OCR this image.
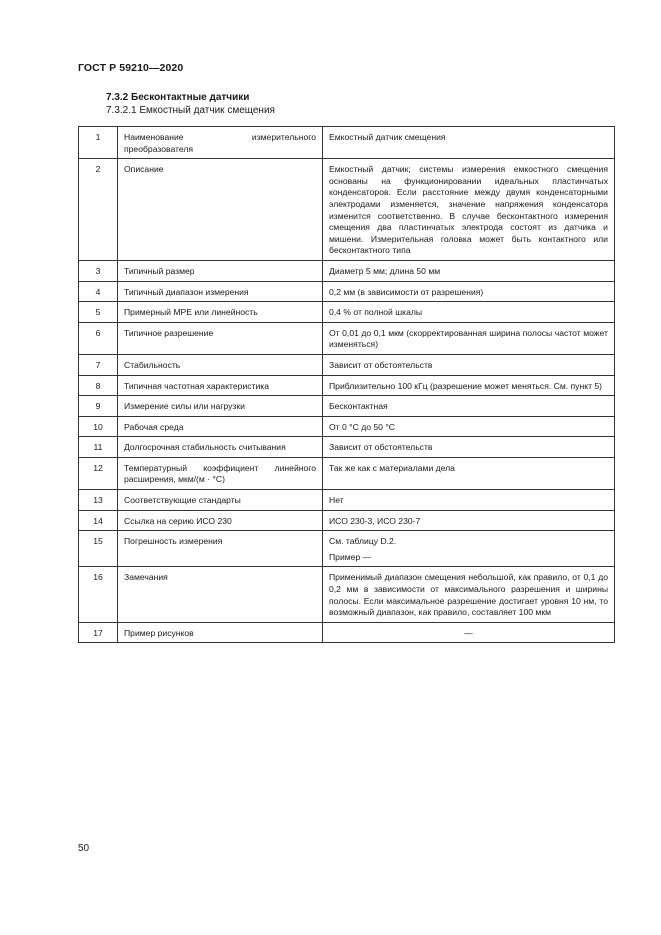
ГОСТ Р 59210—2020
7.3.2 Бесконтактные датчики
7.3.2.1 Емкостный датчик смещения
1	Наименование измерительного преобразователя	Емкостный датчик смещения
2	Описание	Емкостный датчик; системы измерения емкостного смещения основаны на функционировании идеальных пластинчатых конденсаторов. Если расстояние между двумя конденсаторными электродами изменяется, значение напряжения конденсатора изменится соответственно. В случае бесконтактного измерения смещения два пластинчатых электрода состоят из датчика и мишени. Измерительная головка может быть контактного или бесконтактного типа
3	Типичный размер	Диаметр 5 мм; длина 50 мм
4	Типичный диапазон измерения	0,2 мм (в зависимости от разрешения)
5	Примерный MPE или линейность	0,4 % от полной шкалы
6	Типичное разрешение	От 0,01 до 0,1 мкм (скорректированная ширина полосы частот может изменяться)
7	Стабильность	Зависит от обстоятельств
8	Типичная частотная характеристика	Приблизительно 100 кГц (разрешение может меняться. См. пункт 5)
9	Измерение силы или нагрузки	Бесконтактная
10	Рабочая среда	От 0 °С до 50 °С
11	Долгосрочная стабильность считывания	Зависит от обстоятельств
12	Температурный коэффициент линейного расширения, мкм/(м · °С)	Так же как с материалами дела
13	Соответствующие стандарты	Нет
14	Ссылка на серию ИСО 230	ИСО 230-3, ИСО 230-7
15	Погрешность измерения	См. таблицу D.2.
Пример —

16	Замечания	Применимый диапазон смещения небольшой, как правило, от 0,1 до 0,2 мм в зависимости от максимального разрешения и ширины полосы. Если максимальное разрешение достигает уровня 10 нм, то возможный диапазон, как правило, составляет 100 мкм
17	Пример рисунков	—
50
